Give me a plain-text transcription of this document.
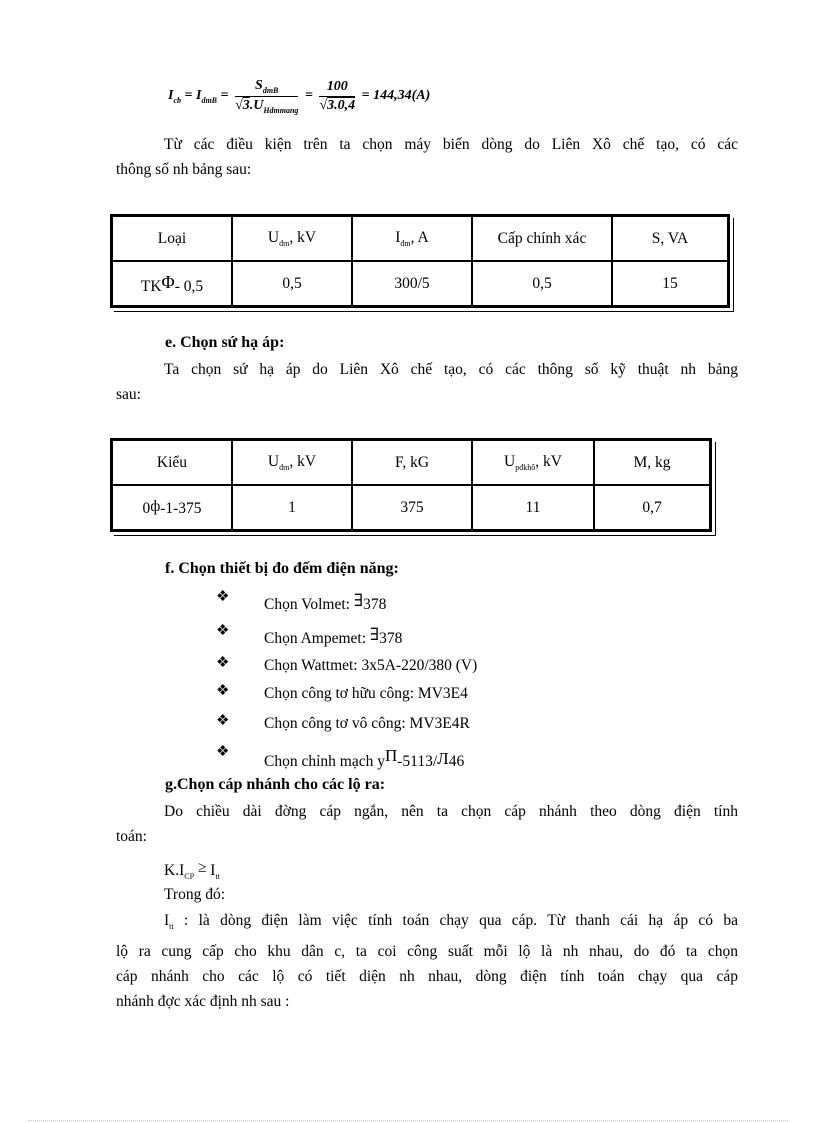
$I_{cb} = I_{dmB} = \frac{S_{dmB}}{√3.U_{Hdmmang}} = \frac{100}{√3.0,4} = 144,34(A)$
Từ các điều kiện trên ta chọn máy biến dòng do Liên Xô chế tạo, có các
thông số nh bảng sau:
Loại	$U_{đm}$, kV	$I_{đm}$, A	Cấp chính xác	S, VA
TKΦ- 0,5	0,5	300/5	0,5	15
e. Chọn sứ hạ áp:
Ta chọn sứ hạ áp do Liên Xô chế tạo, có các thông số kỹ thuật nh bảng
sau:
Kiểu	$U_{đm}$, kV	F, kG	$U_{pđkhô}$, kV	M, kg
0ф-1-375	1	375	11	0,7
f. Chọn thiết bị đo đếm điện năng:
❖ Chọn Volmet: ∃378
❖ Chọn Ampemet: ∃378
❖ Chọn Wattmet: 3x5A-220/380 (V)
❖ Chọn công tơ hữu công: MV3E4
❖ Chọn công tơ vô công: MV3E4R
❖
Chọn chỉnh mạch yΠ-5113/Л46
g.Chọn cáp nhánh cho các lộ ra:
Do chiều dài đờng cáp ngắn, nên ta chọn cáp nhánh theo dòng điện tính
toán:
$K.I_{CP} \ge I_{tt}$
Trong đó:
$I_{tt}$ : là dòng điện làm việc tính toán chạy qua cáp. Từ thanh cái hạ áp có ba
lộ ra cung cấp cho khu dân c, ta coi công suất mỗi lộ là nh nhau, do đó ta chọn
cáp nhánh cho các lộ có tiết diện nh nhau, dòng điện tính toán chạy qua cáp
nhánh đợc xác định nh sau :
